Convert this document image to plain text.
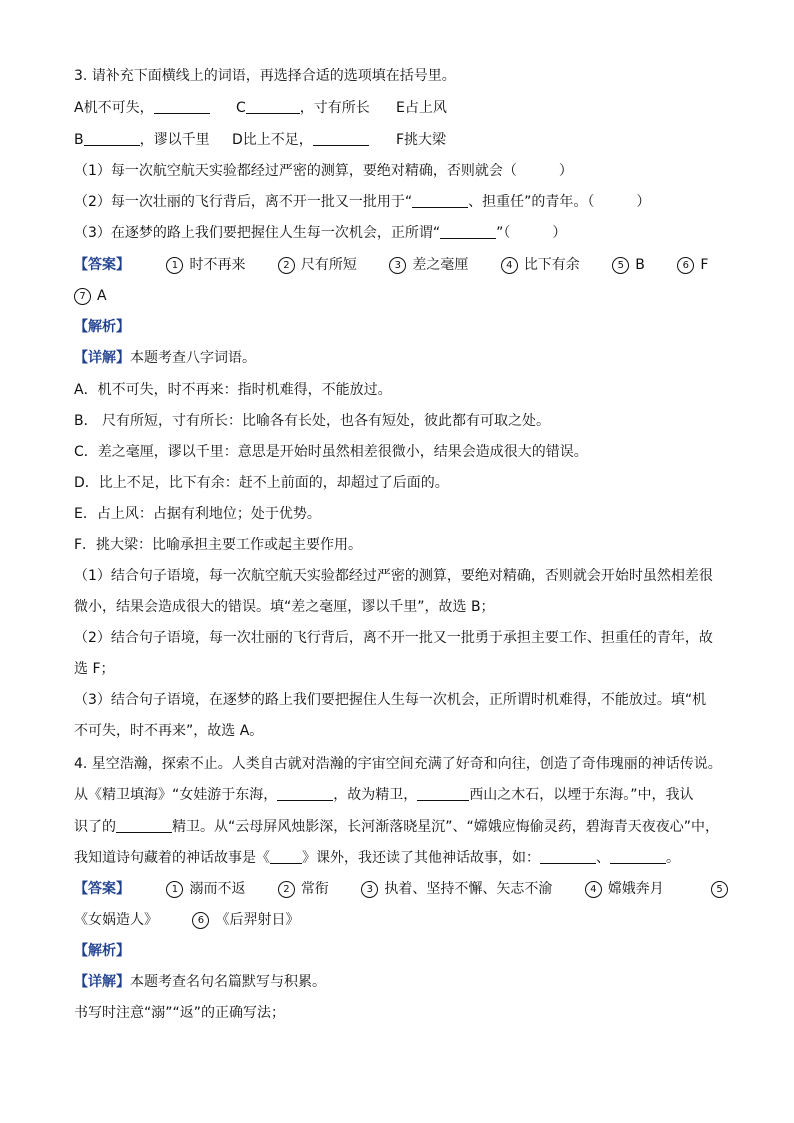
3. 请补充下面横线上的词语，再选择合适的选项填在括号里。
A机不可失，	C	，寸有所长 E占上风
B	，谬以千里 D比上不足，	F挑大梁
（1）每一次航空航天实验都经过严密的测算，要绝对精确，否则就会（　　　）
（2）每一次壮丽的飞行背后，离不开一批又一批用于“	、担重任”的青年。（　　　）
（3）在逐梦的路上我们要把握住人生每一次机会，正所谓“	”（　　　）
【答案】	1 时不再来	2 尺有所短	3 差之毫厘	4 比下有余	5 B	6 F
7 A
【解析】
【详解】本题考查八字词语。
A．机不可失，时不再来：指时机难得，不能放过。
B． 尺有所短，寸有所长：比喻各有长处，也各有短处，彼此都有可取之处。
C．差之毫厘，谬以千里：意思是开始时虽然相差很微小，结果会造成很大的错误。
D．比上不足，比下有余：赶不上前面的，却超过了后面的。
E．占上风：占据有利地位；处于优势。
F．挑大梁：比喻承担主要工作或起主要作用。
（1）结合句子语境，每一次航空航天实验都经过严密的测算，要绝对精确，否则就会开始时虽然相差很
微小，结果会造成很大的错误。填“差之毫厘，谬以千里”，故选 B；
（2）结合句子语境，每一次壮丽的飞行背后，离不开一批又一批勇于承担主要工作、担重任的青年，故
选 F；
（3）结合句子语境，在逐梦的路上我们要把握住人生每一次机会，正所谓时机难得，不能放过。填“机
不可失，时不再来”，故选 A。
4. 星空浩瀚，探索不止。人类自古就对浩瀚的宇宙空间充满了好奇和向往，创造了奇伟瑰丽的神话传说。
从《精卫填海》“女娃游于东海，	，故为精卫，	西山之木石，以堙于东海。”中，我认
识了的	精卫。从“云母屏风烛影深，长河渐落晓星沉”、“嫦娥应悔偷灵药，碧海青天夜夜心”中，
我知道诗句藏着的神话故事是《 》课外，我还读了其他神话故事，如：	、	。
【答案】	1 溺而不返	2 常衔	3 执着、坚持不懈、矢志不渝	4 嫦娥奔月	5
《女娲造人》	6 《后羿射日》
【解析】
【详解】本题考查名句名篇默写与积累。
书写时注意“溺”“返”的正确写法；
